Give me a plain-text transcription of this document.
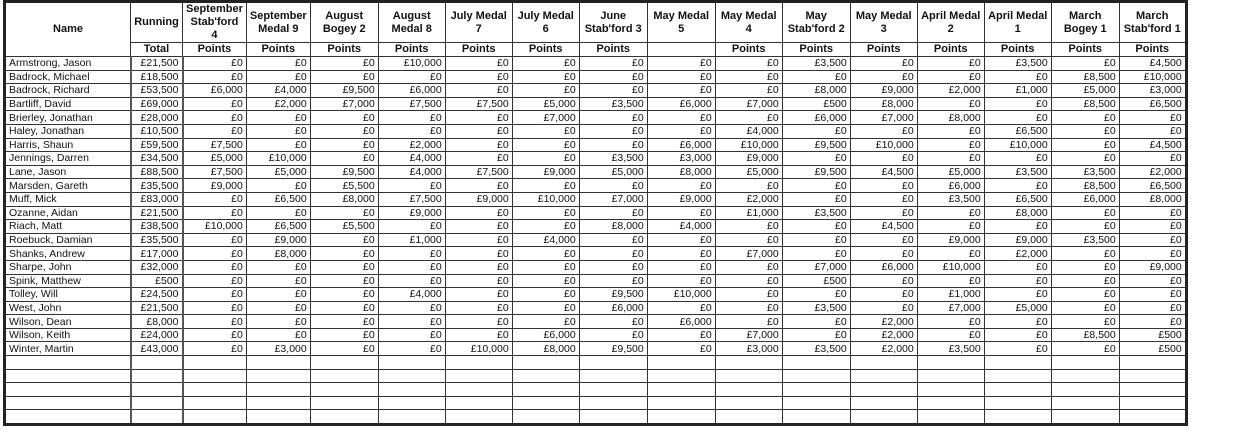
Name	Running	September Stab'ford 4	September Medal 9	August Bogey 2	August Medal 8	July Medal 7	July Medal 6	June Stab'ford 3	May Medal 5	May Medal 4	May Stab'ford 2	May Medal 3	April Medal 2	April Medal 1	March Bogey 1	March Stab'ford 1
	Total	Points	Points	Points	Points	Points	Points	Points		Points	Points	Points	Points	Points	Points	Points
Armstrong, Jason	£21,500	£0	£0	£0	£10,000	£0	£0	£0	£0	£0	£3,500	£0	£0	£3,500	£0	£4,500
Badrock, Michael	£18,500	£0	£0	£0	£0	£0	£0	£0	£0	£0	£0	£0	£0	£0	£8,500	£10,000
Badrock, Richard	£53,500	£6,000	£4,000	£9,500	£6,000	£0	£0	£0	£0	£0	£8,000	£9,000	£2,000	£1,000	£5,000	£3,000
Bartliff, David	£69,000	£0	£2,000	£7,000	£7,500	£7,500	£5,000	£3,500	£6,000	£7,000	£500	£8,000	£0	£0	£8,500	£6,500
Brierley, Jonathan	£28,000	£0	£0	£0	£0	£0	£7,000	£0	£0	£0	£6,000	£7,000	£8,000	£0	£0	£0
Haley, Jonathan	£10,500	£0	£0	£0	£0	£0	£0	£0	£0	£4,000	£0	£0	£0	£6,500	£0	£0
Harris, Shaun	£59,500	£7,500	£0	£0	£2,000	£0	£0	£0	£6,000	£10,000	£9,500	£10,000	£0	£10,000	£0	£4,500
Jennings, Darren	£34,500	£5,000	£10,000	£0	£4,000	£0	£0	£3,500	£3,000	£9,000	£0	£0	£0	£0	£0	£0
Lane, Jason	£88,500	£7,500	£5,000	£9,500	£4,000	£7,500	£9,000	£5,000	£8,000	£5,000	£9,500	£4,500	£5,000	£3,500	£3,500	£2,000
Marsden, Gareth	£35,500	£9,000	£0	£5,500	£0	£0	£0	£0	£0	£0	£0	£0	£6,000	£0	£8,500	£6,500
Muff, Mick	£83,000	£0	£6,500	£8,000	£7,500	£9,000	£10,000	£7,000	£9,000	£2,000	£0	£0	£3,500	£6,500	£6,000	£8,000
Ozanne, Aidan	£21,500	£0	£0	£0	£9,000	£0	£0	£0	£0	£1,000	£3,500	£0	£0	£8,000	£0	£0
Riach, Matt	£38,500	£10,000	£6,500	£5,500	£0	£0	£0	£8,000	£4,000	£0	£0	£4,500	£0	£0	£0	£0
Roebuck, Damian	£35,500	£0	£9,000	£0	£1,000	£0	£4,000	£0	£0	£0	£0	£0	£9,000	£9,000	£3,500	£0
Shanks, Andrew	£17,000	£0	£8,000	£0	£0	£0	£0	£0	£0	£7,000	£0	£0	£0	£2,000	£0	£0
Sharpe, John	£32,000	£0	£0	£0	£0	£0	£0	£0	£0	£0	£7,000	£6,000	£10,000	£0	£0	£9,000
Spink, Matthew	£500	£0	£0	£0	£0	£0	£0	£0	£0	£0	£500	£0	£0	£0	£0	£0
Tolley, Will	£24,500	£0	£0	£0	£4,000	£0	£0	£9,500	£10,000	£0	£0	£0	£1,000	£0	£0	£0
West, John	£21,500	£0	£0	£0	£0	£0	£0	£6,000	£0	£0	£3,500	£0	£7,000	£5,000	£0	£0
Wilson, Dean	£8,000	£0	£0	£0	£0	£0	£0	£0	£6,000	£0	£0	£2,000	£0	£0	£0	£0
Wilson, Keith	£24,000	£0	£0	£0	£0	£0	£6,000	£0	£0	£7,000	£0	£2,000	£0	£0	£8,500	£500
Winter, Martin	£43,000	£0	£3,000	£0	£0	£10,000	£8,000	£9,500	£0	£3,000	£3,500	£2,000	£3,500	£0	£0	£500
